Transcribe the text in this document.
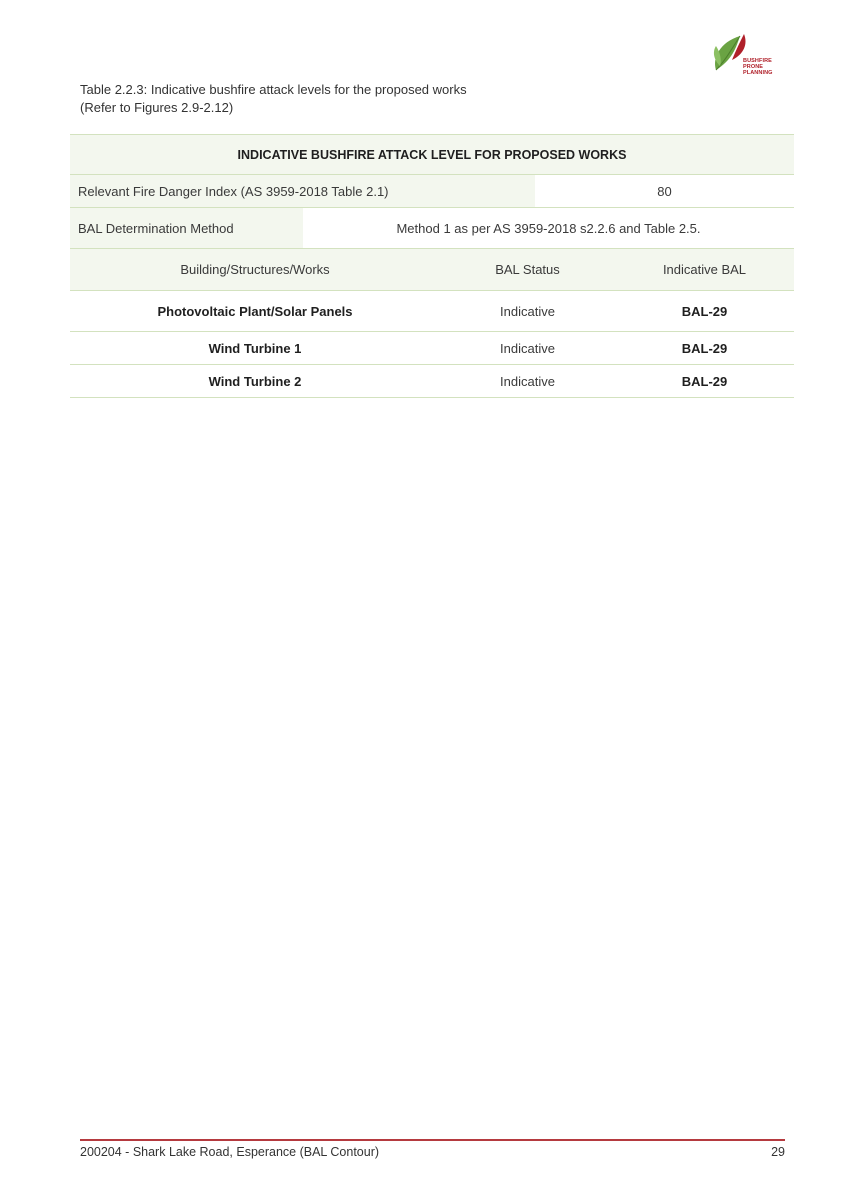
BUSHFIRE PRONE
PLANNING
Table 2.2.3: Indicative bushfire attack levels for the proposed works
(Refer to Figures 2.9-2.12)
INDICATIVE BUSHFIRE ATTACK LEVEL FOR PROPOSED WORKS
Relevant Fire Danger Index (AS 3959-2018 Table 2.1)	80
BAL Determination Method	Method 1 as per AS 3959-2018 s2.2.6 and Table 2.5.
Building/Structures/Works	BAL Status	Indicative BAL
Photovoltaic Plant/Solar Panels	Indicative	BAL-29
Wind Turbine 1	Indicative	BAL-29
Wind Turbine 2	Indicative	BAL-29
200204 - Shark Lake Road, Esperance (BAL Contour)	29
